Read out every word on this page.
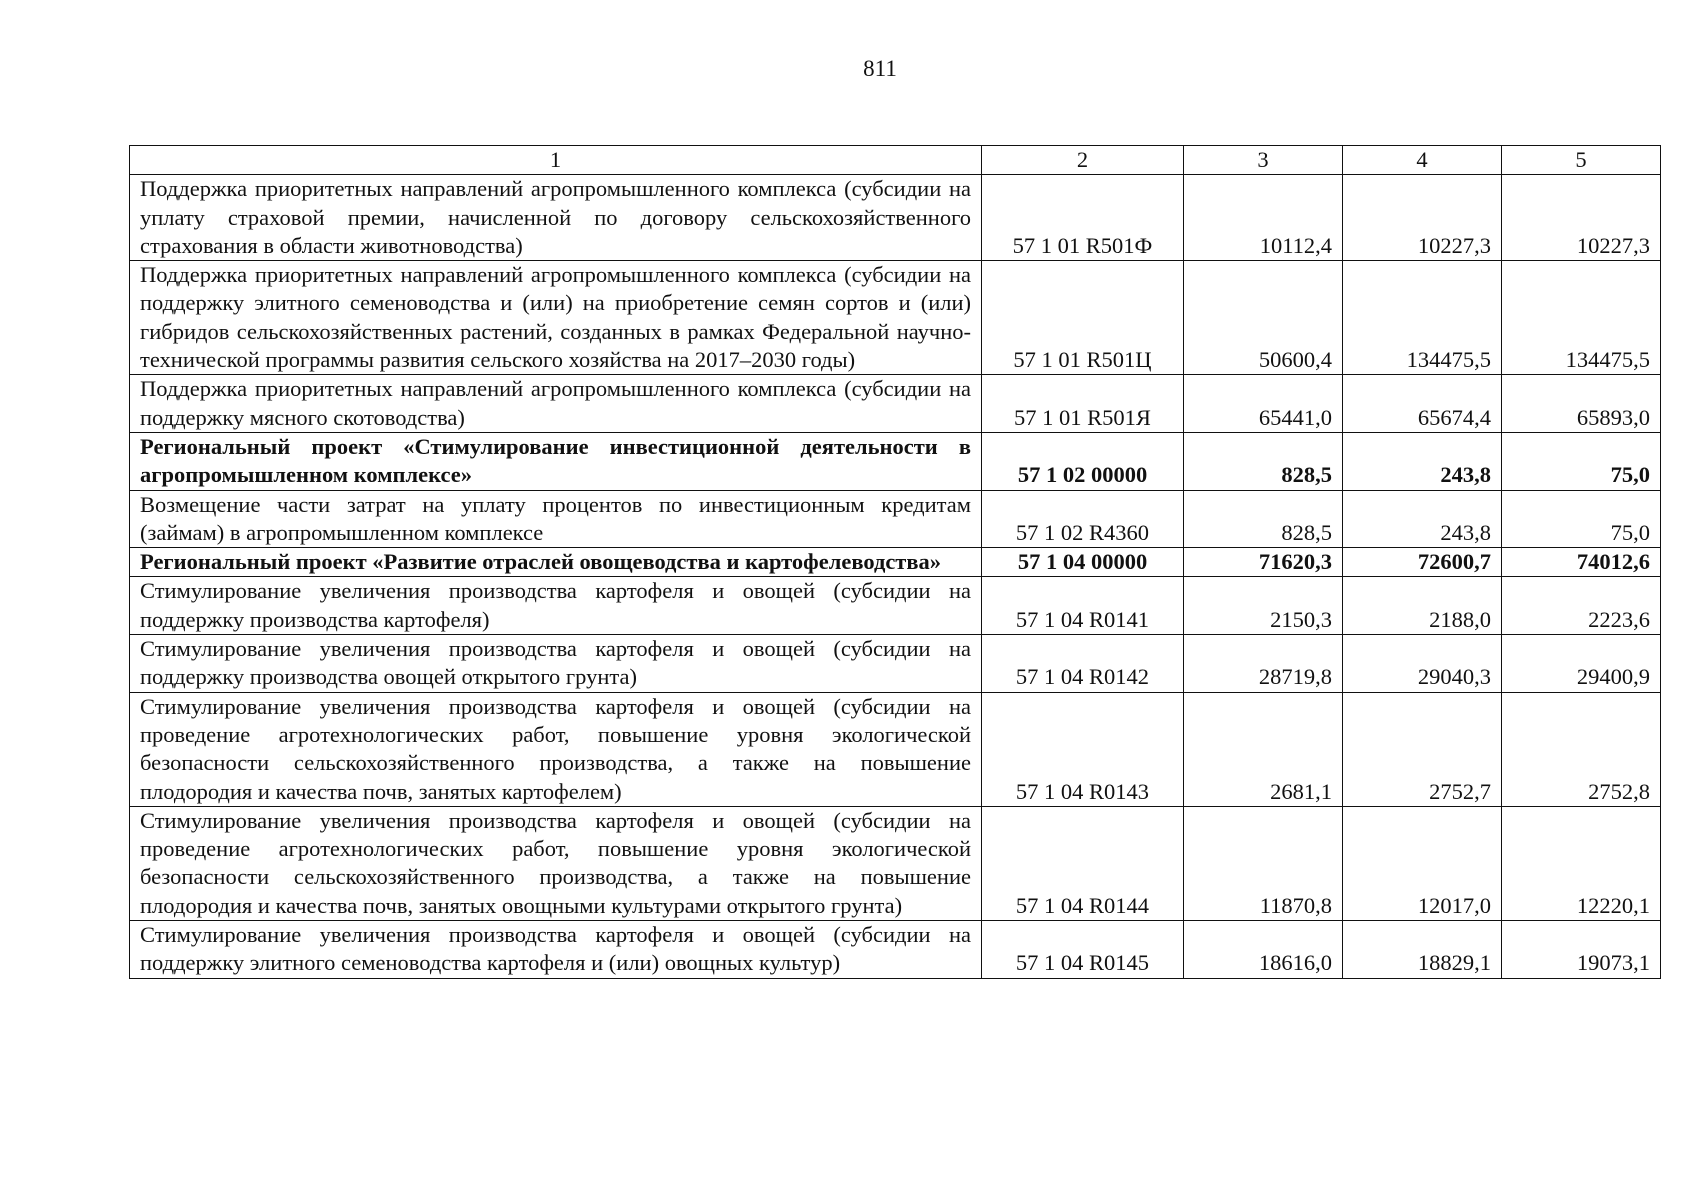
811
1	2	3	4	5
Поддержка приоритетных направлений агропромышленного комплекса (субсидии на уплату страховой премии, начисленной по договору сельскохозяйственного страхования в области животноводства)	57 1 01 R501Ф	10112,4	10227,3	10227,3
Поддержка приоритетных направлений агропромышленного комплекса (субсидии на поддержку элитного семеноводства и (или) на приобретение семян сортов и (или) гибридов сельскохозяйственных растений, созданных в рамках Федеральной научно-технической программы развития сельского хозяйства на 2017–2030 годы)	57 1 01 R501Ц	50600,4	134475,5	134475,5
Поддержка приоритетных направлений агропромышленного комплекса (субсидии на поддержку мясного скотоводства)	57 1 01 R501Я	65441,0	65674,4	65893,0
Региональный проект «Стимулирование инвестиционной деятельности в агропромышленном комплексе»	57 1 02 00000	828,5	243,8	75,0
Возмещение части затрат на уплату процентов по инвестиционным кредитам (займам) в агропромышленном комплексе	57 1 02 R4360	828,5	243,8	75,0
Региональный проект «Развитие отраслей овощеводства и картофелеводства»	57 1 04 00000	71620,3	72600,7	74012,6
Стимулирование увеличения производства картофеля и овощей (субсидии на поддержку производства картофеля)	57 1 04 R0141	2150,3	2188,0	2223,6
Стимулирование увеличения производства картофеля и овощей (субсидии на поддержку производства овощей открытого грунта)	57 1 04 R0142	28719,8	29040,3	29400,9
Стимулирование увеличения производства картофеля и овощей (субсидии на проведение агротехнологических работ, повышение уровня экологической безопасности сельскохозяйственного производства, а также на повышение плодородия и качества почв, занятых картофелем)	57 1 04 R0143	2681,1	2752,7	2752,8
Стимулирование увеличения производства картофеля и овощей (субсидии на проведение агротехнологических работ, повышение уровня экологической безопасности сельскохозяйственного производства, а также на повышение плодородия и качества почв, занятых овощными культурами открытого грунта)	57 1 04 R0144	11870,8	12017,0	12220,1
Стимулирование увеличения производства картофеля и овощей (субсидии на поддержку элитного семеноводства картофеля и (или) овощных культур)	57 1 04 R0145	18616,0	18829,1	19073,1
